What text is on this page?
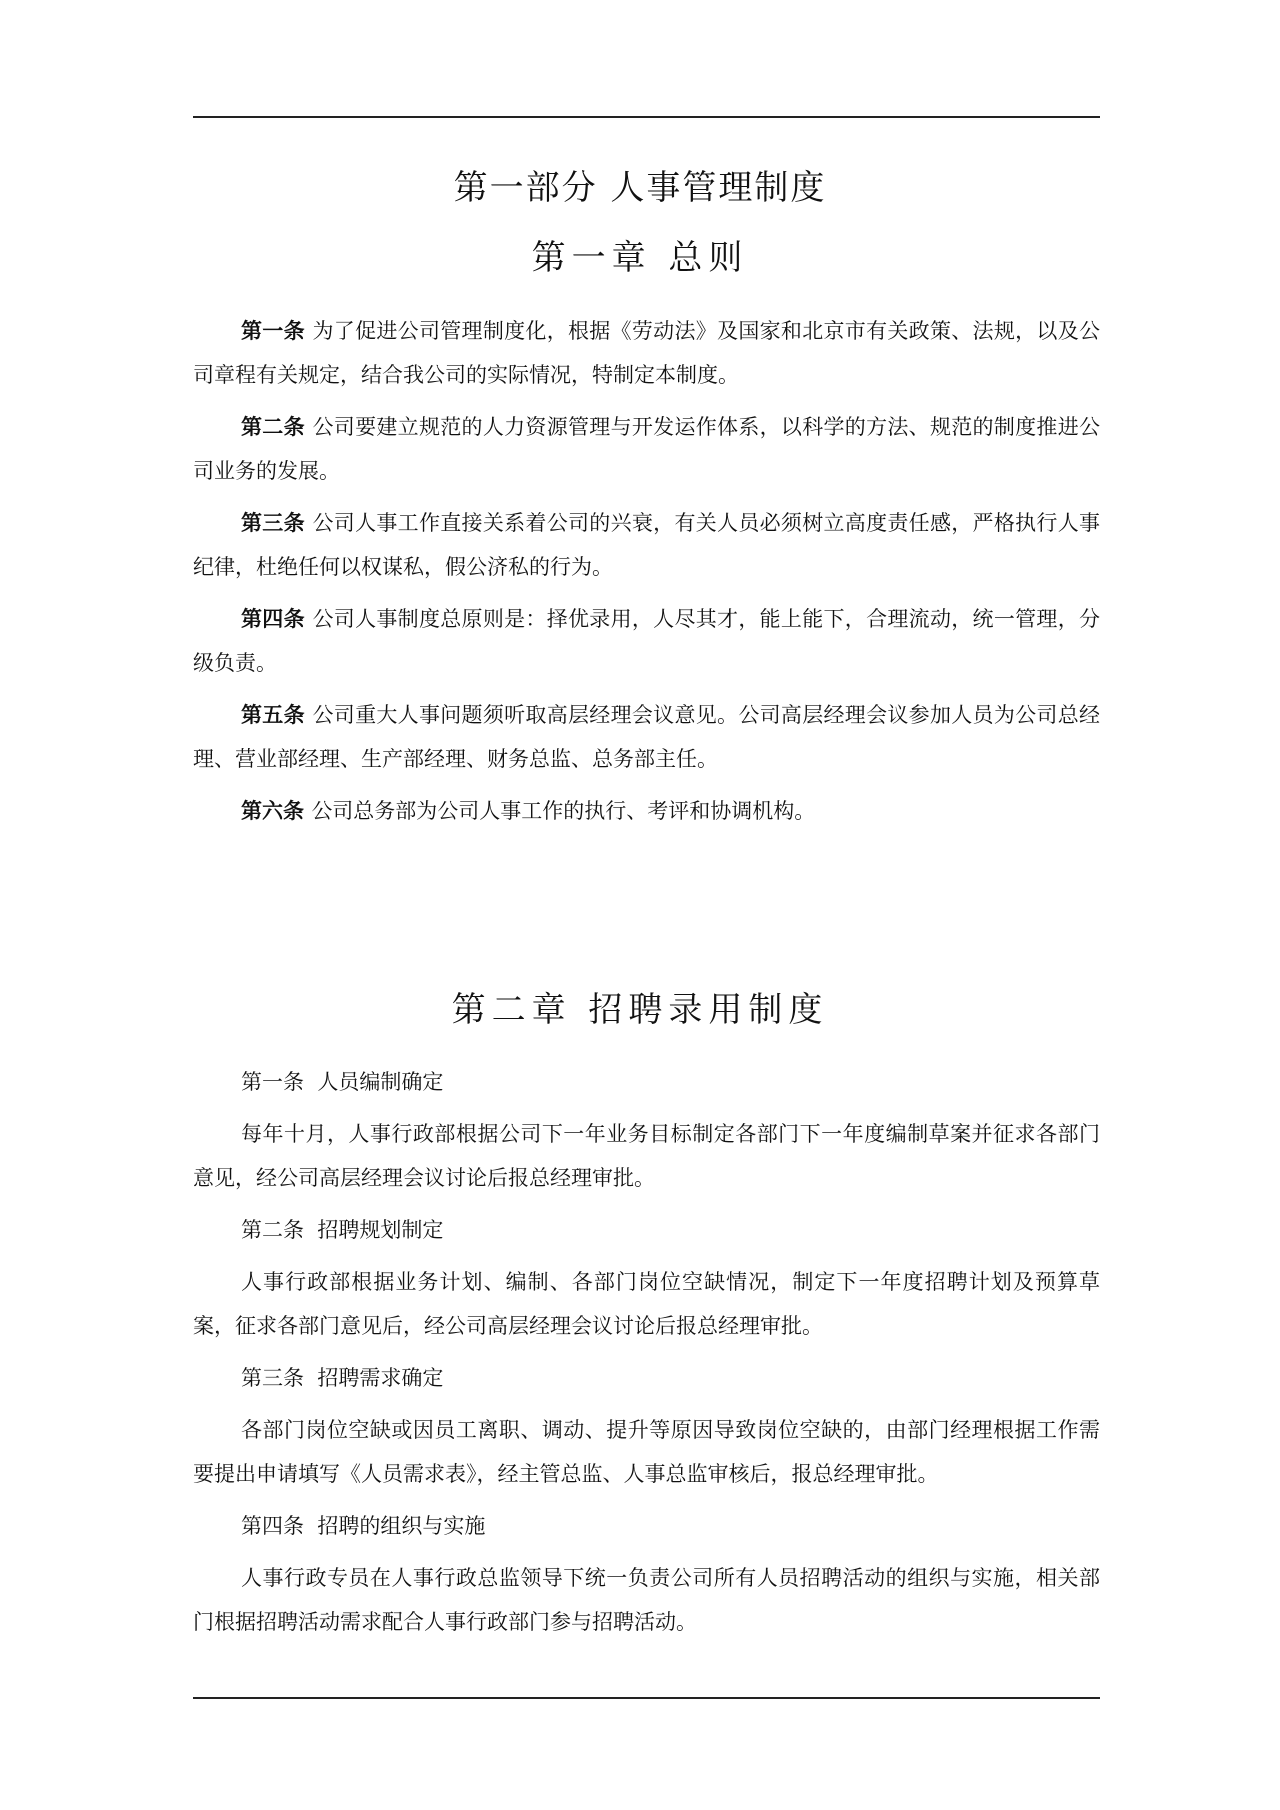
第一部分 人事管理制度
第一章 总则

第一条 为了促进公司管理制度化，根据《劳动法》及国家和北京市有关政策、法规，以及公司章程有关规定，结合我公司的实际情况，特制定本制度。

第二条 公司要建立规范的人力资源管理与开发运作体系，以科学的方法、规范的制度推进公司业务的发展。

第三条 公司人事工作直接关系着公司的兴衰，有关人员必须树立高度责任感，严格执行人事纪律，杜绝任何以权谋私，假公济私的行为。

第四条 公司人事制度总原则是：择优录用，人尽其才，能上能下，合理流动，统一管理，分级负责。

第五条 公司重大人事问题须听取高层经理会议意见。公司高层经理会议参加人员为公司总经理、营业部经理、生产部经理、财务总监、总务部主任。

第六条 公司总务部为公司人事工作的执行、考评和协调机构。

第二章 招聘录用制度

第一条 人员编制确定

每年十月，人事行政部根据公司下一年业务目标制定各部门下一年度编制草案并征求各部门意见，经公司高层经理会议讨论后报总经理审批。

第二条 招聘规划制定

人事行政部根据业务计划、编制、各部门岗位空缺情况，制定下一年度招聘计划及预算草案，征求各部门意见后，经公司高层经理会议讨论后报总经理审批。

第三条 招聘需求确定

各部门岗位空缺或因员工离职、调动、提升等原因导致岗位空缺的，由部门经理根据工作需要提出申请填写《人员需求表》，经主管总监、人事总监审核后，报总经理审批。

第四条 招聘的组织与实施

人事行政专员在人事行政总监领导下统一负责公司所有人员招聘活动的组织与实施，相关部门根据招聘活动需求配合人事行政部门参与招聘活动。
